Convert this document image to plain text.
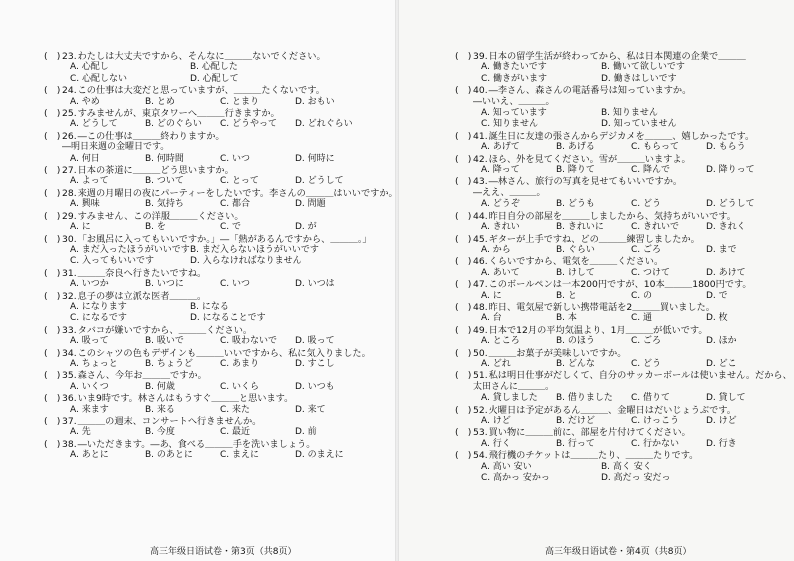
(　) 23.わたしは大丈夫ですから、そんなに＿＿＿ないでください。
A. 心配し	B. 心配した
C. 心配しない	D. 心配して
(　) 24.この仕事は大変だと思っていますが、＿＿＿たくないです。
A. やめ	B. とめ	C. とまり	D. おもい
(　) 25.すみませんが、東京タワーへ＿＿＿行きますか。
A. どうして	B. どのぐらい	C. どうやって	D. どれぐらい
(　) 26.―この仕事は＿＿＿終わりますか。
―明日来週の金曜日です。
A. 何日	B. 何時間	C. いつ	D. 何時に
(　) 27.日本の茶道に＿＿＿どう思いますか。
A. よって	B. ついて	C. とって	D. どうして
(　) 28.来週の月曜日の夜にパーティーをしたいです。李さんの＿＿＿はいいですか。
A. 興味	B. 気持ち	C. 都合	D. 問題
(　) 29.すみません、この洋服＿＿＿ください。
A. に	B. を	C. で	D. が
(　) 30.「お風呂に入ってもいいですか。」―「熱があるんですから、＿＿＿。」
A. まだ入ったほうがいいです B. まだ入らないほうがいいです
C. 入ってもいいです	D. 入らなければなりません
(　) 31.＿＿＿奈良へ行きたいですね。
A. いつか	B. いつに	C. いつ	D. いつは
(　) 32.息子の夢は立派な医者＿＿＿。
A. になります	B. になる
C. になるです	D. になることです
(　) 33.タバコが嫌いですから、＿＿＿ください。
A. 吸って	B. 吸いで	C. 吸わないで	D. 吸って
(　) 34.このシャツの色もデザインも＿＿＿いいですから、私に気入りました。
A. ちょっと	B. ちょうど	C. あまり	D. すこし
(　) 35.森さん、今年お＿＿＿ですか。
A. いくつ	B. 何歳	C. いくら	D. いつも
(　) 36.いま9時です。林さんはもうすぐ＿＿＿と思います。
A. 来ます	B. 来る	C. 来た	D. 来て
(　) 37.＿＿＿の週末、コンサートへ行きませんか。
A. 先	B. 今度	C. 最近	D. 前
(　) 38.―いただきます。―あ、食べる＿＿＿手を洗いましょう。
A. あとに	B. のあとに	C. まえに	D. のまえに
(　) 39.日本の留学生活が終わってから、私は日本関連の企業で＿＿＿
A. 働きたいです	B. 働いて欲しいです
C. 働きがいます	D. 働きはしいです
(　) 40.―李さん、森さんの電話番号は知っていますか。
―いいえ、＿＿＿。
A. 知っています	B. 知りません
C. 知りません	D. 知っていません
(　) 41.誕生日に友達の張さんからデジカメを＿＿＿、嬉しかったです。
A. あげて	B. あげる	C. もらって	D. もらう
(　) 42.ほら、外を見てください。雪が＿＿＿いますよ。
A. 降って	B. 降りて	C. 降んで	D. 降りって
(　) 43.―林さん、旅行の写真を見せてもいいですか。
―ええ、＿＿＿。
A. どうぞ	B. どうも	C. どう	D. どうして
(　) 44.昨日自分の部屋を＿＿＿しましたから、気持ちがいいです。
A. きれい	B. きれいに	C. きれいで	D. きれく
(　) 45.ギターが上手ですね、どの＿＿＿練習しましたか。
A. から	B. ぐらい	C. ごろ	D. まで
(　) 46.くらいですから、電気を＿＿＿ください。
A. あいて	B. けして	C. つけて	D. あけて
(　) 47.このボールペンは一本200円ですが、10本＿＿＿1800円です。
A. に	B. と	C. の	D. で
(　) 48.昨日、電気屋で新しい携帯電話を2＿＿＿買いました。
A. 台	B. 本	C. 通	D. 枚
(　) 49.日本で12月の平均気温より、1月＿＿＿が低いです。
A. ところ	B. のほう	C. ごろ	D. ほか
(　) 50.＿＿＿お菓子が美味しいですか。
A. どれ	B. どんな	C. どう	D. どこ
(　) 51.私は明日仕事がだしくて、自分のサッカーボールは使いません。だから、
太田さんに＿＿＿。
A. 貸しました	B. 借りました	C. 借りて	D. 貸して
(　) 52.火曜日は予定があるん＿＿＿、金曜日はだいじょうぶです。
A. けど	B. だけど	C. けっこう	D. けど
(　) 53.買い物に＿＿＿前に、部屋を片付けてください。
A. 行く	B. 行って	C. 行かない	D. 行き
(　) 54.飛行機のチケットは＿＿＿たり、＿＿＿たりです。
A. 高い 安い	B. 高く 安く
C. 高かっ 安かっ	D. 高だっ 安だっ
高三年级日语试卷・第3页（共8页）	高三年级日语试卷・第4页（共8页）
